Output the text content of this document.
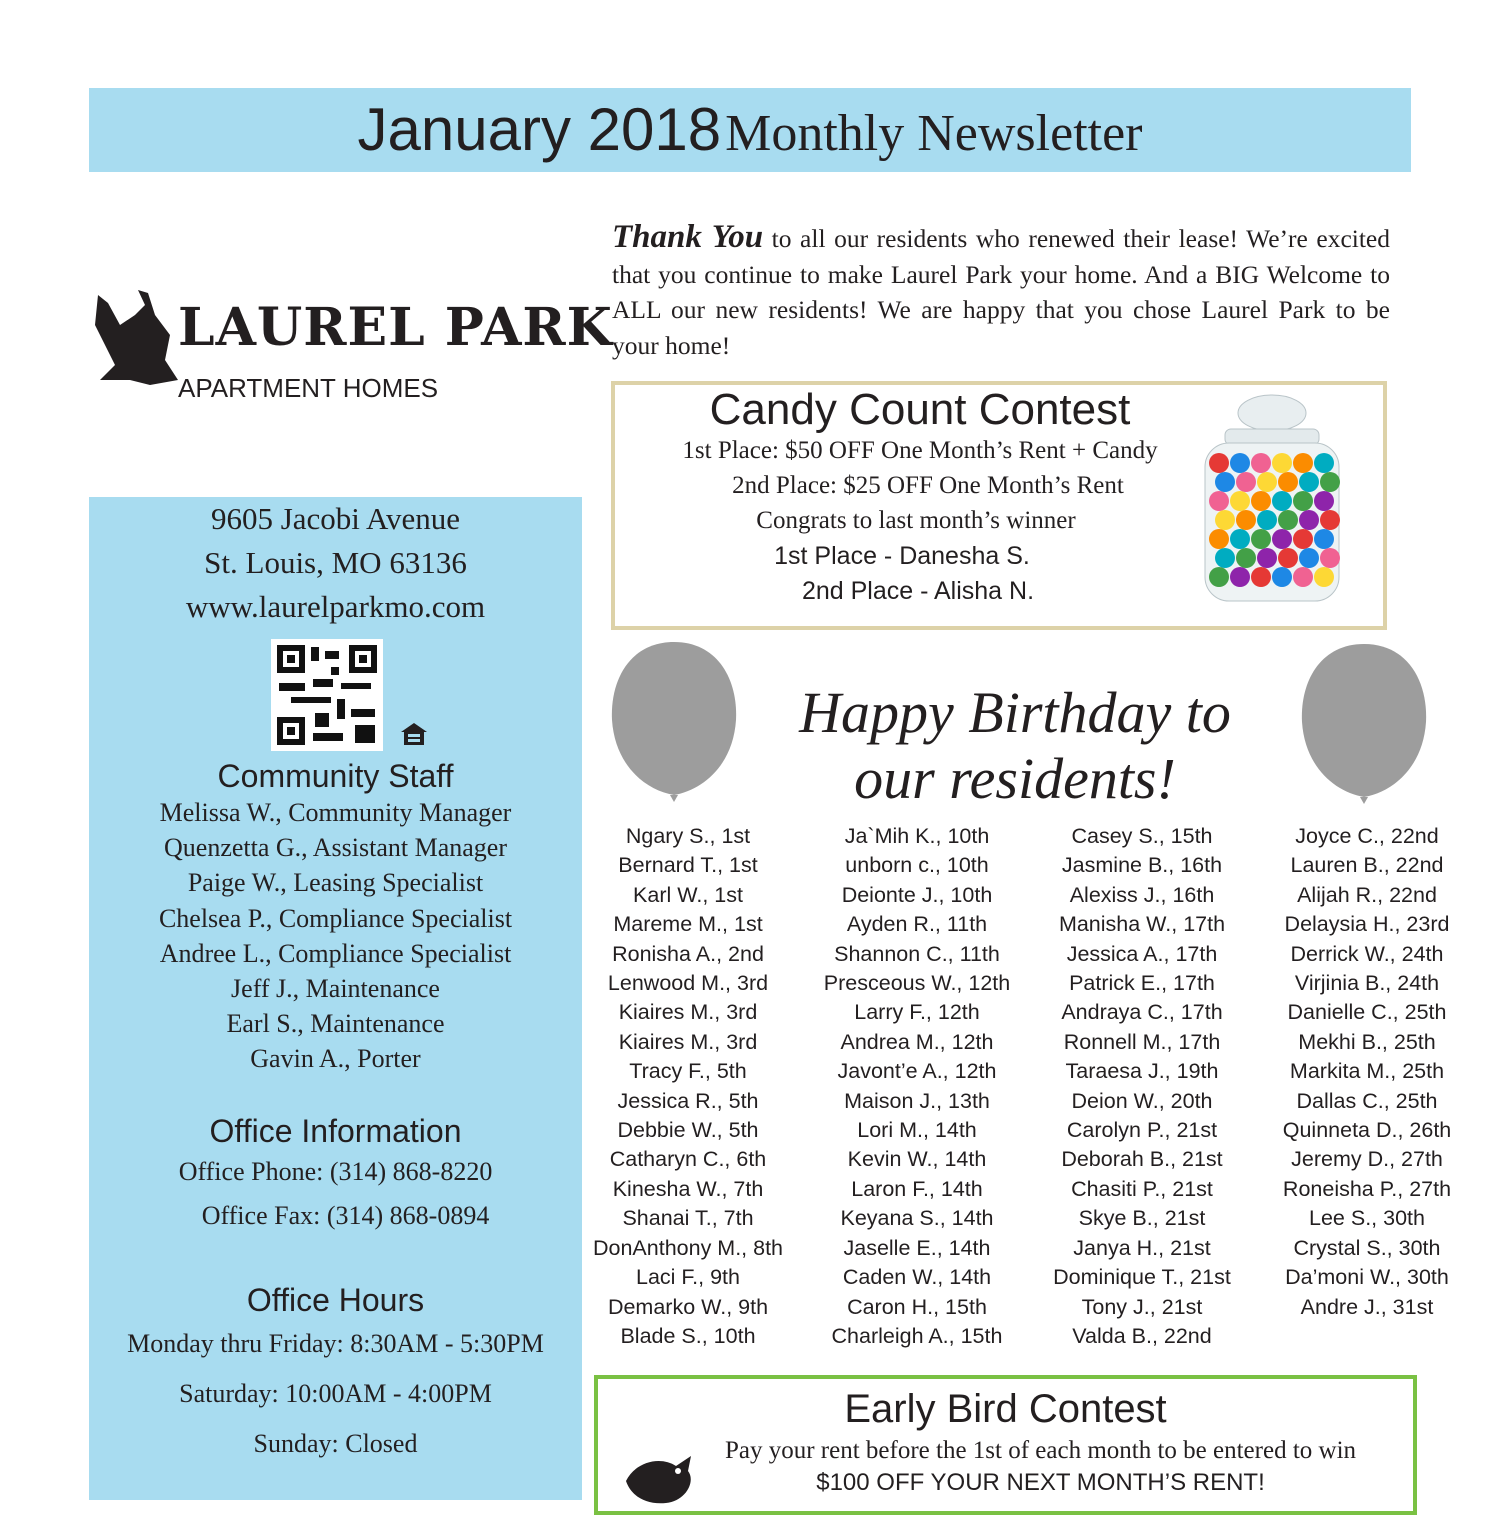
January 2018 Monthly Newsletter
LAUREL PARK
APARTMENT HOMES
9605 Jacobi Avenue
St. Louis, MO 63136
www.laurelparkmo.com
Community Staff
Melissa W., Community Manager
Quenzetta G., Assistant Manager
Paige W., Leasing Specialist
Chelsea P., Compliance Specialist
Andree L., Compliance Specialist
Jeff J., Maintenance
Earl S., Maintenance
Gavin A., Porter
Office Information
Office Phone: (314) 868-8220
Office Fax: (314) 868-0894
Office Hours
Monday thru Friday: 8:30AM - 5:30PM
Saturday: 10:00AM - 4:00PM
Sunday: Closed
Thank You to all our residents who renewed their lease! We’re excited that you continue to make Laurel Park your home. And a BIG Welcome to ALL our new residents! We are happy that you chose Laurel Park to be your home!
Candy Count Contest
1st Place: $50 OFF One Month’s Rent + Candy
2nd Place: $25 OFF One Month’s Rent
Congrats to last month’s winner
1st Place - Danesha S.
2nd Place - Alisha N.
Happy Birthday to
our residents!
Ngary S., 1st
Bernard T., 1st
Karl W., 1st
Mareme M., 1st
Ronisha A., 2nd
Lenwood M., 3rd
Kiaires M., 3rd
Kiaires M., 3rd
Tracy F., 5th
Jessica R., 5th
Debbie W., 5th
Catharyn C., 6th
Kinesha W., 7th
Shanai T., 7th
DonAnthony M., 8th
Laci F., 9th
Demarko W., 9th
Blade S., 10th
Ja`Mih K., 10th
unborn c., 10th
Deionte J., 10th
Ayden R., 11th
Shannon C., 11th
Presceous W., 12th
Larry F., 12th
Andrea M., 12th
Javont’e A., 12th
Maison J., 13th
Lori M., 14th
Kevin W., 14th
Laron F., 14th
Keyana S., 14th
Jaselle E., 14th
Caden W., 14th
Caron H., 15th
Charleigh A., 15th
Casey S., 15th
Jasmine B., 16th
Alexiss J., 16th
Manisha W., 17th
Jessica A., 17th
Patrick E., 17th
Andraya C., 17th
Ronnell M., 17th
Taraesa J., 19th
Deion W., 20th
Carolyn P., 21st
Deborah B., 21st
Chasiti P., 21st
Skye B., 21st
Janya H., 21st
Dominique T., 21st
Tony J., 21st
Valda B., 22nd
Joyce C., 22nd
Lauren B., 22nd
Alijah R., 22nd
Delaysia H., 23rd
Derrick W., 24th
Virjinia B., 24th
Danielle C., 25th
Mekhi B., 25th
Markita M., 25th
Dallas C., 25th
Quinneta D., 26th
Jeremy D., 27th
Roneisha P., 27th
Lee S., 30th
Crystal S., 30th
Da’moni W., 30th
Andre J., 31st
Early Bird Contest
Pay your rent before the 1st of each month to be entered to win
$100 OFF YOUR NEXT MONTH’S RENT!
